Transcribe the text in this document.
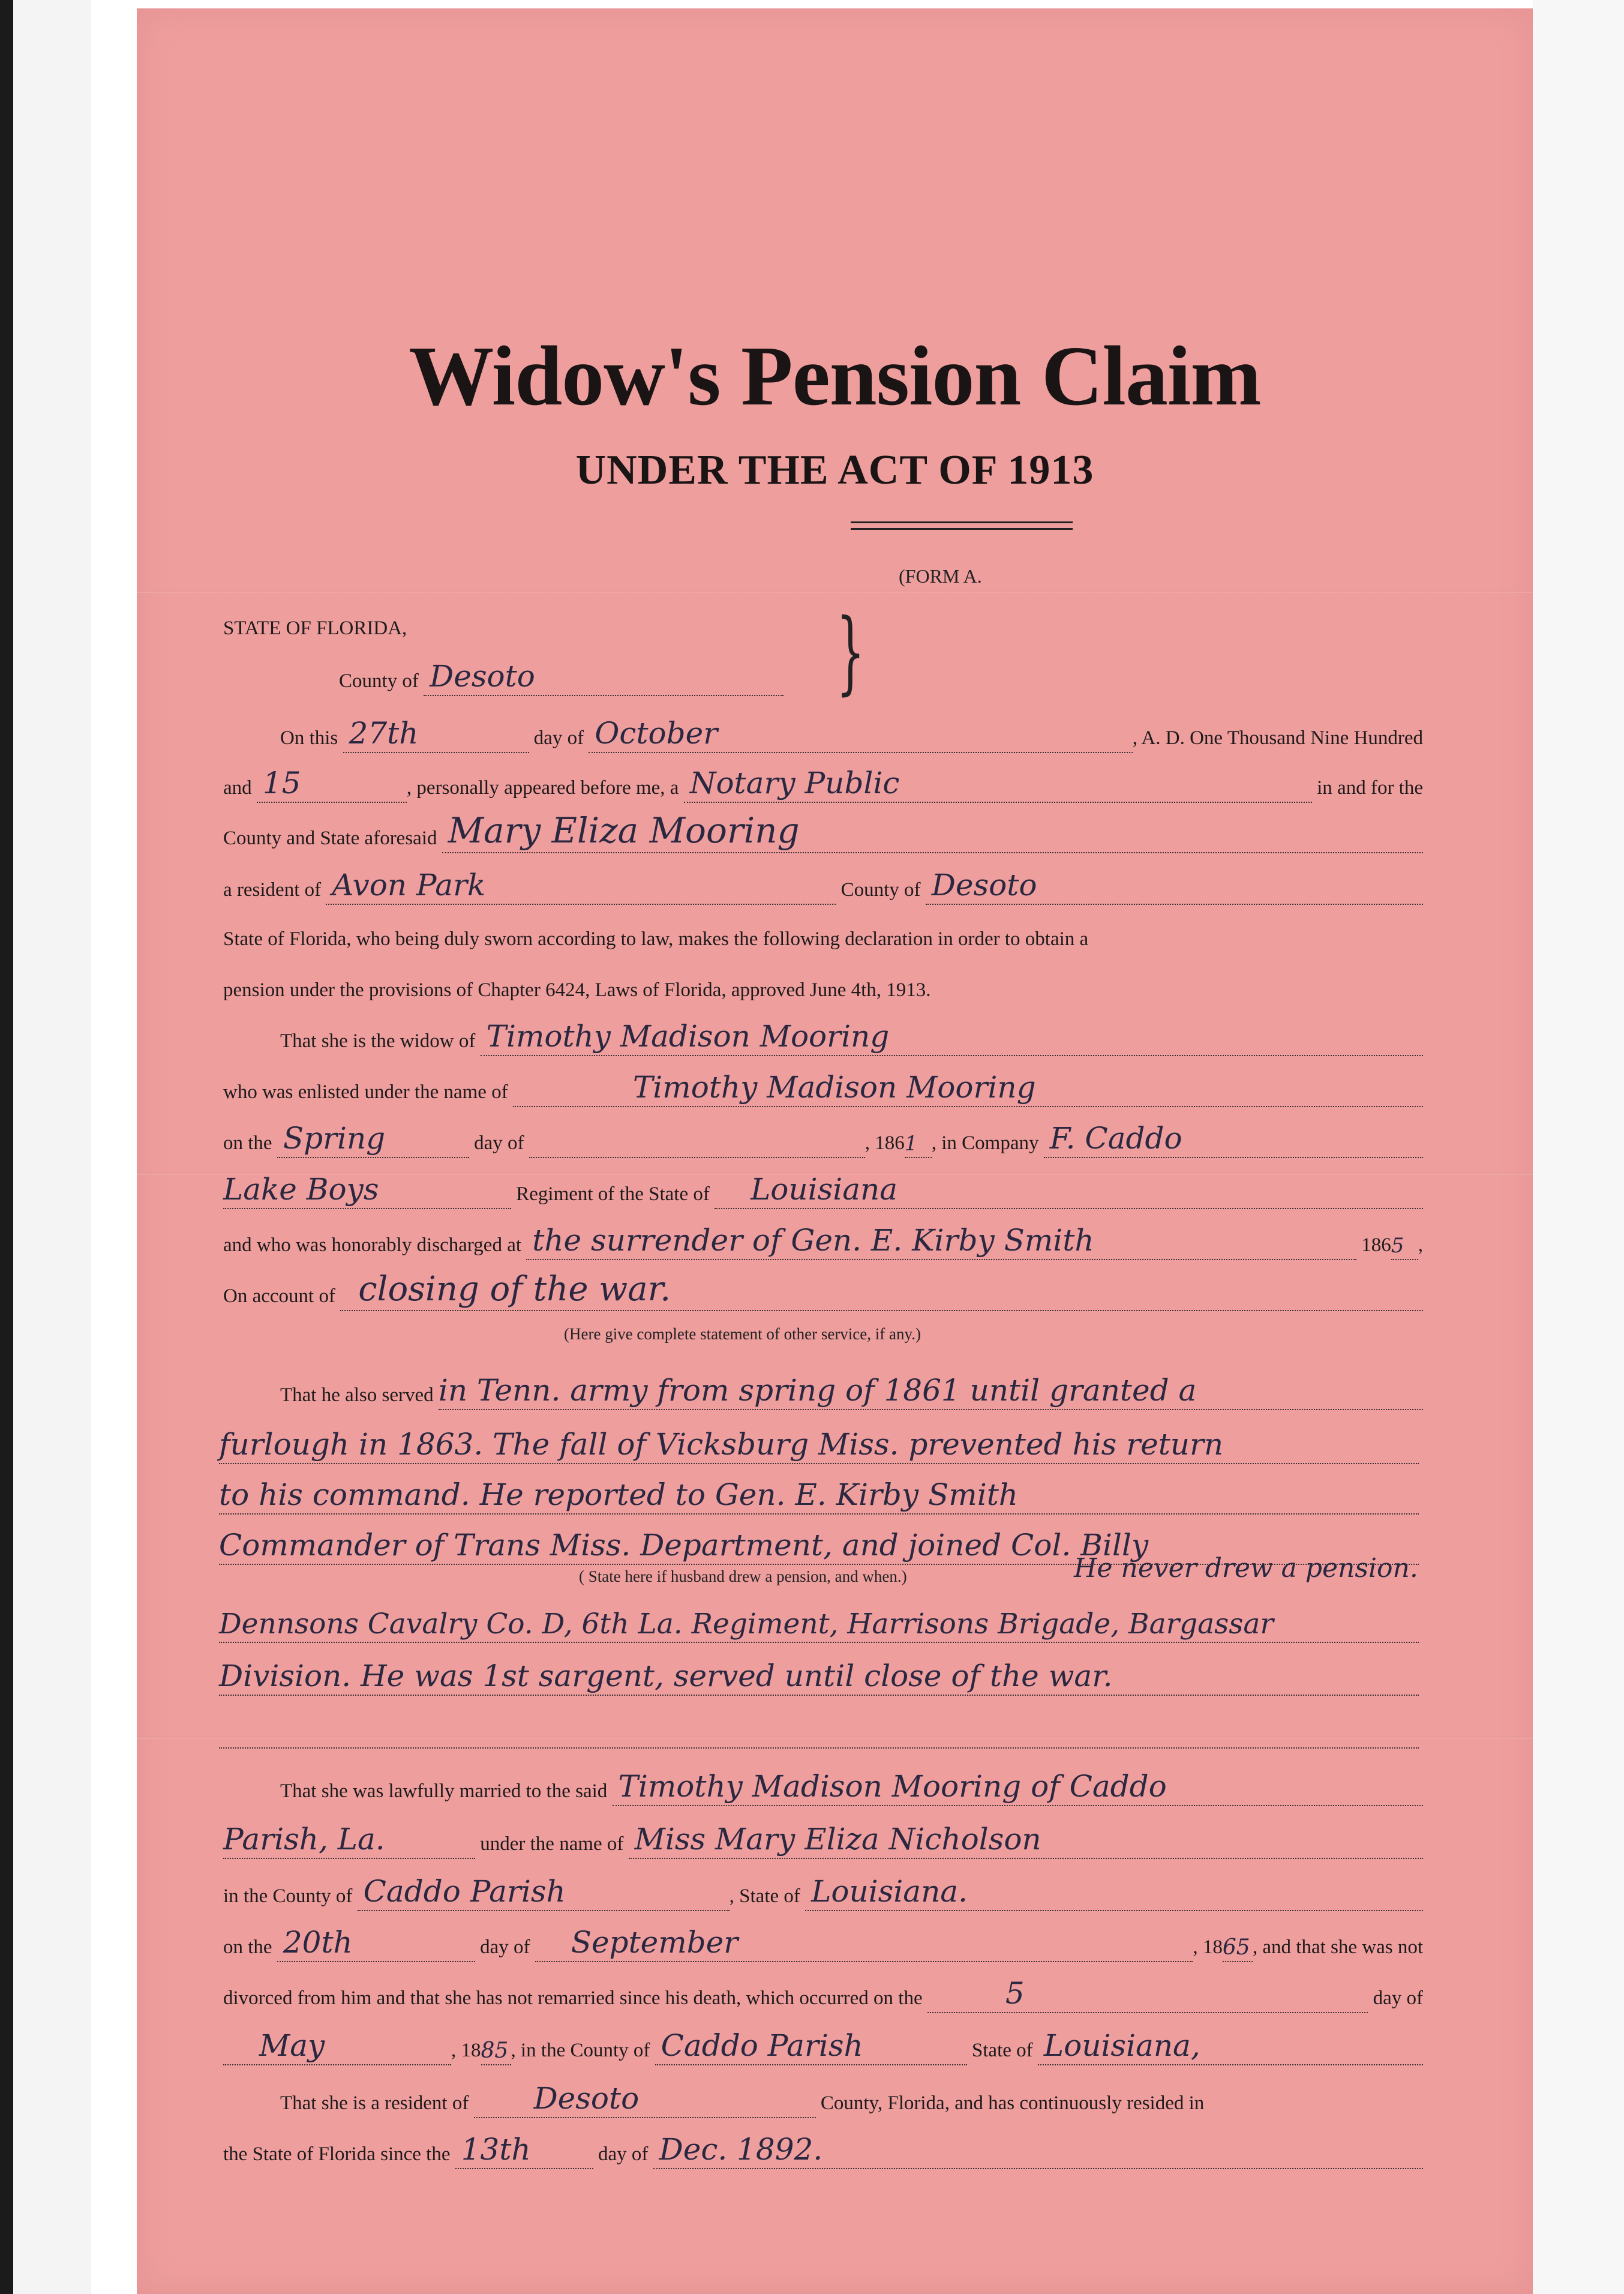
Widow's Pension Claim
UNDER THE ACT OF 1913
(FORM A.
STATE OF FLORIDA,	}
County of
Desoto
On this
27th
	day of
October	, A. D. One Thousand Nine Hundred
and
15	, personally appeared before me, a
Notary Public
	in and for the
County and State aforesaid
Mary Eliza Mooring
a resident of
Avon Park
	County of
Desoto
State of Florida, who being duly sworn according to law, makes the following declaration in order to obtain a
pension under the provisions of Chapter 6424, Laws of Florida, approved June 4th, 1913.
That she is the widow of
Timothy Madison Mooring
who was enlisted under the name of
	Timothy Madison Mooring
on the
Spring
	day of
	, 186 1 , in Company
F. Caddo
Lake Boys
	Regiment of the State of
Louisiana
and who was honorably discharged at
the surrender of Gen. E. Kirby Smith
	186 5 ,
On account of
closing of the war.
(Here give complete statement of other service, if any.)
That he also served
in Tenn. army from spring of 1861 until granted a
furlough in 1863. The fall of Vicksburg Miss. prevented his return
to his command. He reported to Gen. E. Kirby Smith
Commander of Trans Miss. Department, and joined Col. Billy
( State here if husband drew a pension, and when.)	He never drew a pension.
Dennsons Cavalry Co. D, 6th La. Regiment, Harrisons Brigade, Bargassar
Division. He was 1st sargent, served until close of the war.
That she was lawfully married to the said
Timothy Madison Mooring of Caddo
Parish, La.
	under the name of
Miss Mary Eliza Nicholson
in the County of
Caddo Parish	, State of
Louisiana.
on the
20th
	day of
September	, 18 65 , and that she was not
divorced from him and that she has not remarried since his death, which occurred on the
	5
	day of
May	, 18 85 , in the County of
Caddo Parish
	State of
Louisiana,
That she is a resident of
Desoto
	County, Florida, and has continuously resided in
the State of Florida since the
13th
	day of
Dec. 1892.
